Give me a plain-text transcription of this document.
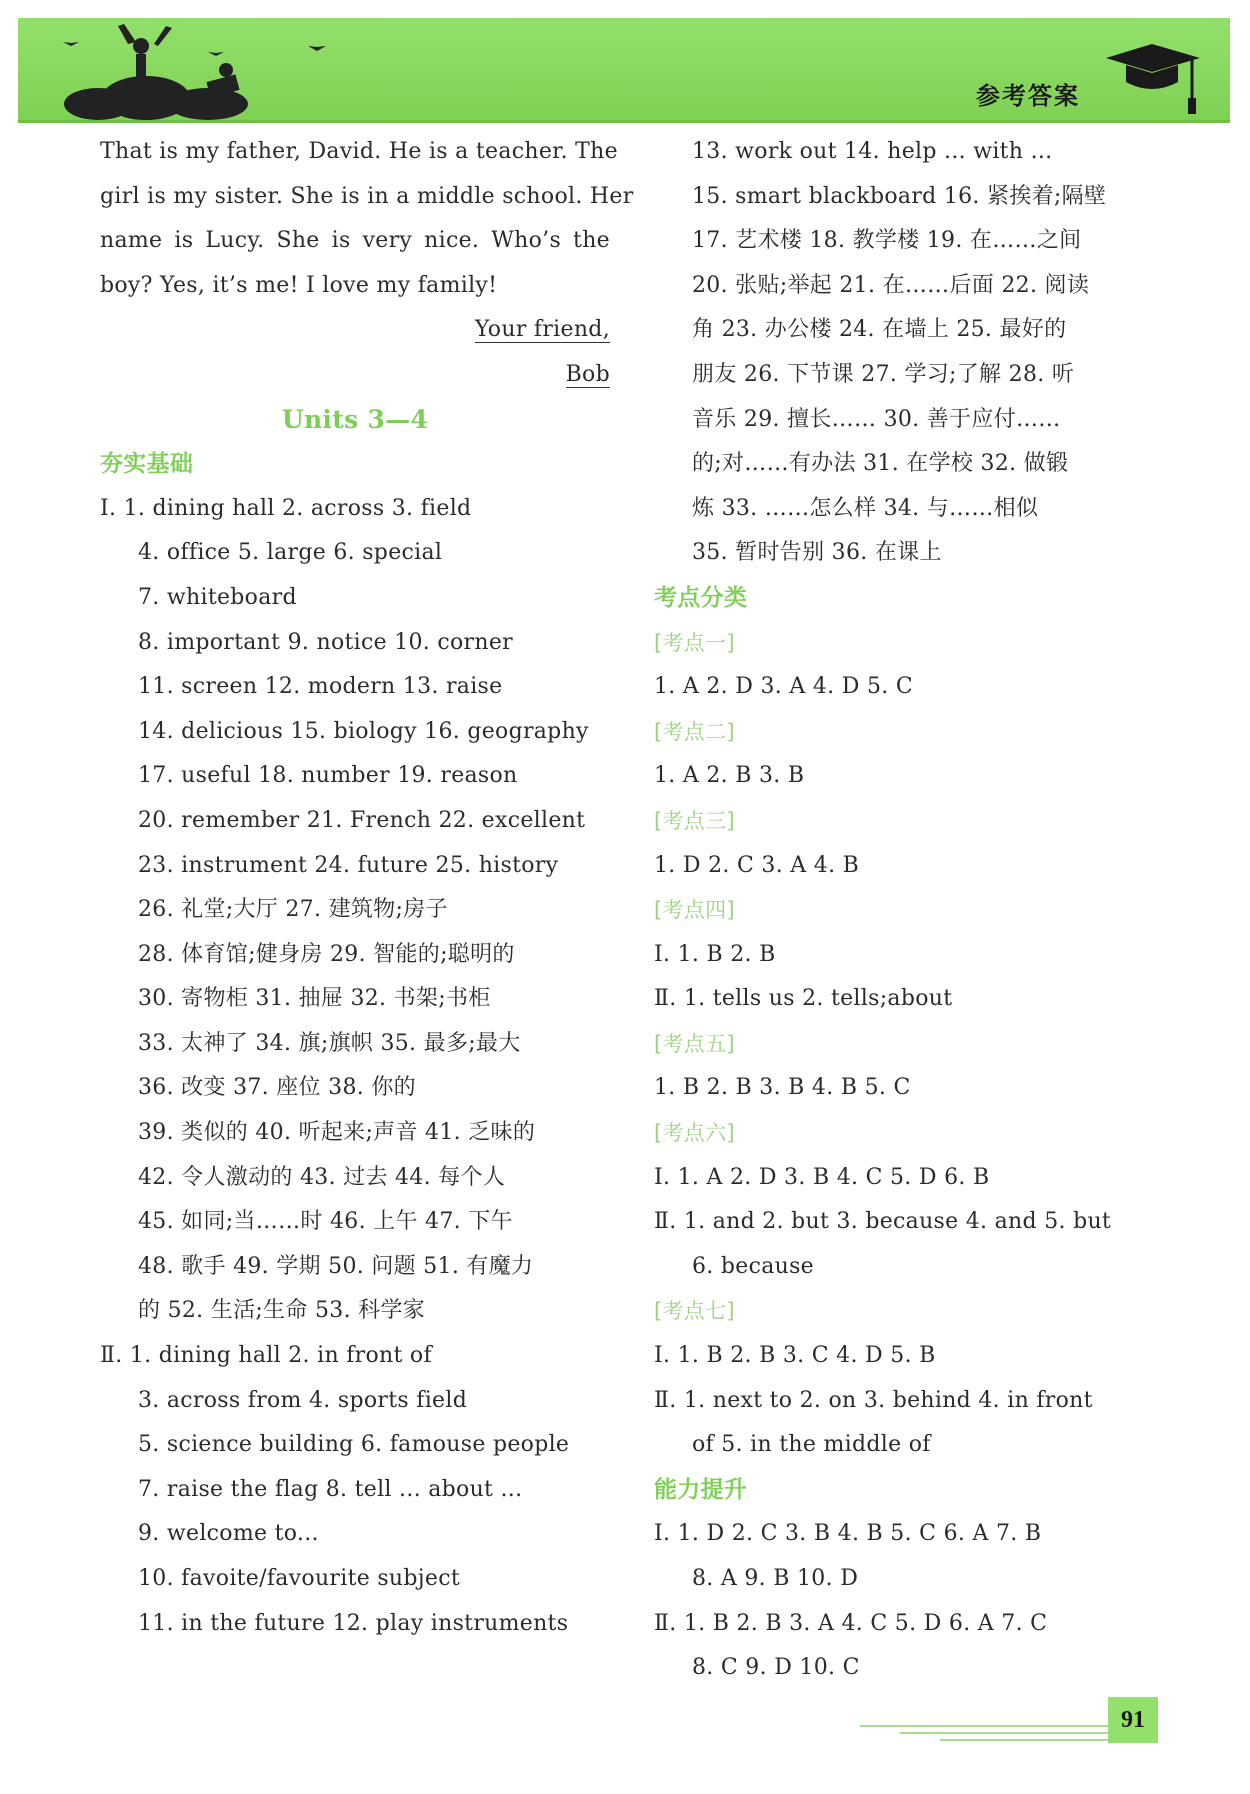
参考答案
That is my father, David. He is a teacher. The
girl is my sister. She is in a middle school. Her
name is Lucy. She is very nice. Who’s the
boy? Yes, it’s me! I love my family!
Your friend,
Bob
Units 3—4
夯实基础
Ⅰ. 1. dining hall 2. across 3. field
4. office 5. large 6. special
7. whiteboard
8. important 9. notice 10. corner
11. screen 12. modern 13. raise
14. delicious 15. biology 16. geography
17. useful 18. number 19. reason
20. remember 21. French 22. excellent
23. instrument 24. future 25. history
26. 礼堂;大厅 27. 建筑物;房子
28. 体育馆;健身房 29. 智能的;聪明的
30. 寄物柜 31. 抽屉 32. 书架;书柜
33. 太神了 34. 旗;旗帜 35. 最多;最大
36. 改变 37. 座位 38. 你的
39. 类似的 40. 听起来;声音 41. 乏味的
42. 令人激动的 43. 过去 44. 每个人
45. 如同;当……时 46. 上午 47. 下午
48. 歌手 49. 学期 50. 问题 51. 有魔力
的 52. 生活;生命 53. 科学家
Ⅱ. 1. dining hall 2. in front of
3. across from 4. sports field
5. science building 6. famouse people
7. raise the flag 8. tell ... about ...
9. welcome to...
10. favoite/favourite subject
11. in the future 12. play instruments
13. work out 14. help ... with ...
15. smart blackboard 16. 紧挨着;隔壁
17. 艺术楼 18. 教学楼 19. 在……之间
20. 张贴;举起 21. 在……后面 22. 阅读
角 23. 办公楼 24. 在墙上 25. 最好的
朋友 26. 下节课 27. 学习;了解 28. 听
音乐 29. 擅长…… 30. 善于应付……
的;对……有办法 31. 在学校 32. 做锻
炼 33. ……怎么样 34. 与……相似
35. 暂时告别 36. 在课上
考点分类
[考点一]
1. A 2. D 3. A 4. D 5. C
[考点二]
1. A 2. B 3. B
[考点三]
1. D 2. C 3. A 4. B
[考点四]
Ⅰ. 1. B 2. B
Ⅱ. 1. tells us 2. tells;about
[考点五]
1. B 2. B 3. B 4. B 5. C
[考点六]
Ⅰ. 1. A 2. D 3. B 4. C 5. D 6. B
Ⅱ. 1. and 2. but 3. because 4. and 5. but
6. because
[考点七]
Ⅰ. 1. B 2. B 3. C 4. D 5. B
Ⅱ. 1. next to 2. on 3. behind 4. in front
of 5. in the middle of
能力提升
Ⅰ. 1. D 2. C 3. B 4. B 5. C 6. A 7. B
8. A 9. B 10. D
Ⅱ. 1. B 2. B 3. A 4. C 5. D 6. A 7. C
8. C 9. D 10. C
91
